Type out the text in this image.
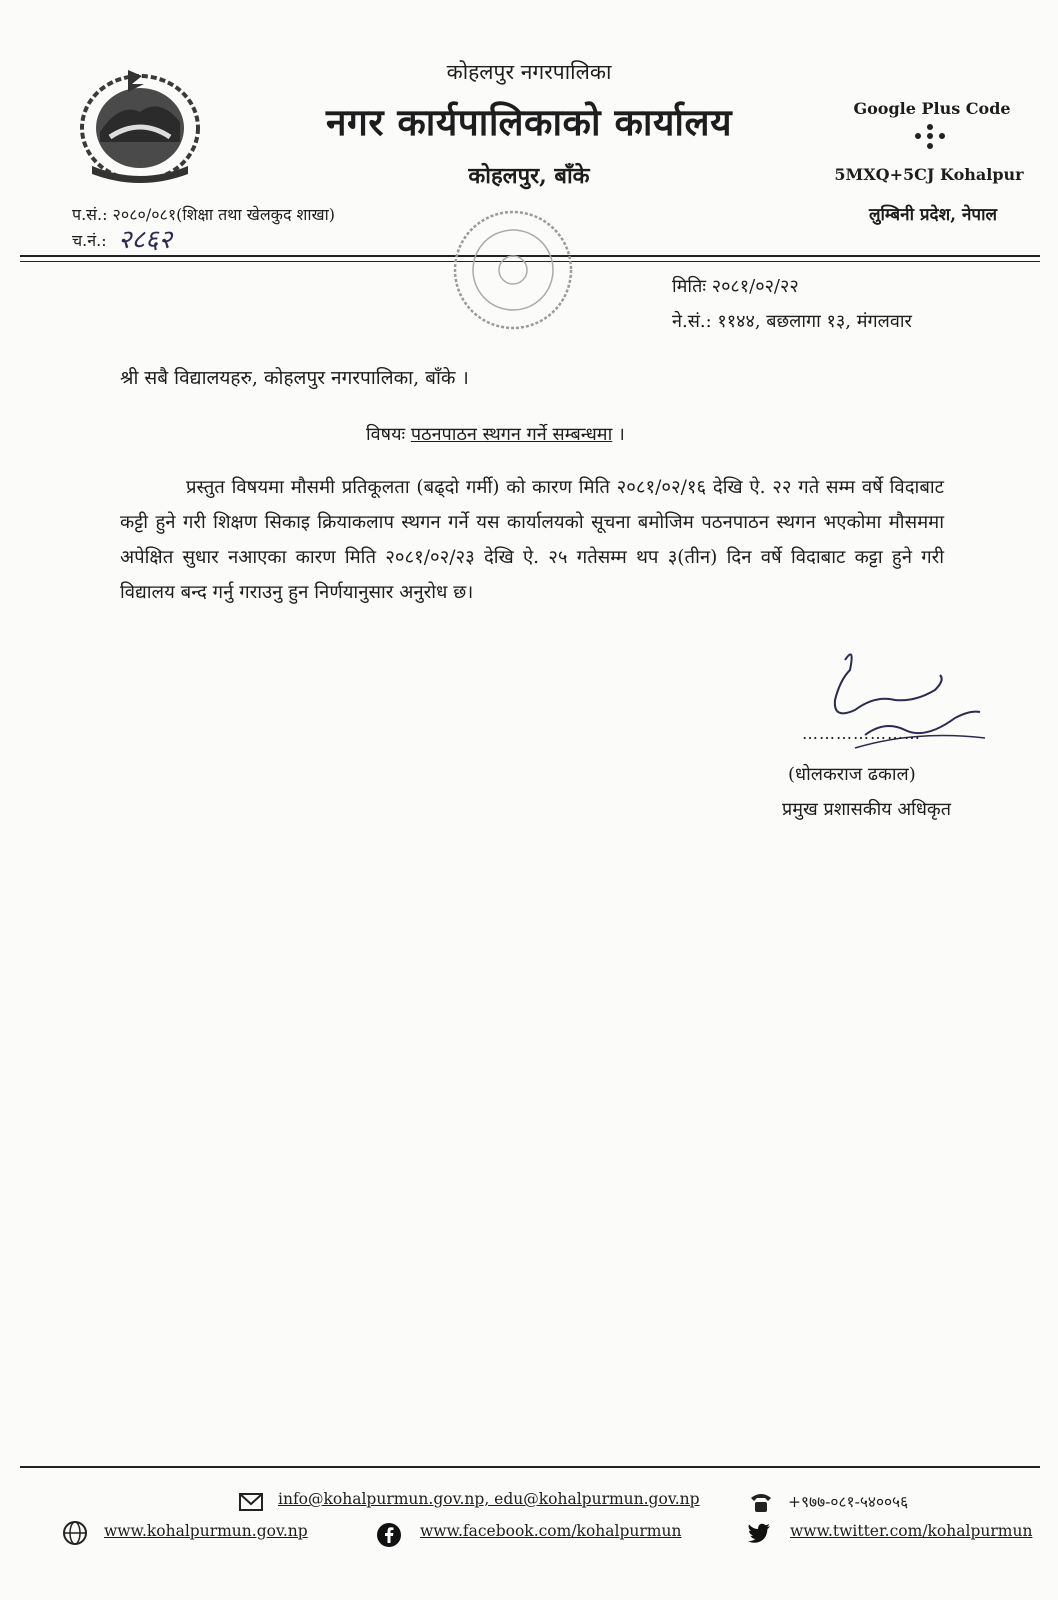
कोहलपुर नगरपालिका
नगर कार्यपालिकाको कार्यालय
कोहलपुर, बाँके
Google Plus Code
5MXQ+5CJ Kohalpur
लुम्बिनी प्रदेश, नेपाल
प.सं.: २०८०/०८१(शिक्षा तथा खेलकुद शाखा)
च.नं.: २८६२
मितिः २०८१/०२/२२
ने.सं.: ११४४, बछलागा १३, मंगलवार
श्री सबै विद्यालयहरु, कोहलपुर नगरपालिका, बाँके ।
विषयः पठनपाठन स्थगन गर्ने सम्बन्धमा ।
प्रस्तुत विषयमा मौसमी प्रतिकूलता (बढ्दो गर्मी) को कारण मिति २०८१/०२/१६ देखि ऐ. २२ गते सम्म वर्षे विदाबाट कट्टी हुने गरी शिक्षण सिकाइ क्रियाकलाप स्थगन गर्ने यस कार्यालयको सूचना बमोजिम पठनपाठन स्थगन भएकोमा मौसममा अपेक्षित सुधार नआएका कारण मिति २०८१/०२/२३ देखि ऐ. २५ गतेसम्म थप ३(तीन) दिन वर्षे विदाबाट कट्टा हुने गरी विद्यालय बन्द गर्नु गराउनु हुन निर्णयानुसार अनुरोध छ।
…………………
(धोलकराज ढकाल)
प्रमुख प्रशासकीय अधिकृत
info@kohalpurmun.gov.np, edu@kohalpurmun.gov.np	+९७७-०८१-५४००५६
www.kohalpurmun.gov.np	www.facebook.com/kohalpurmun	www.twitter.com/kohalpurmun
